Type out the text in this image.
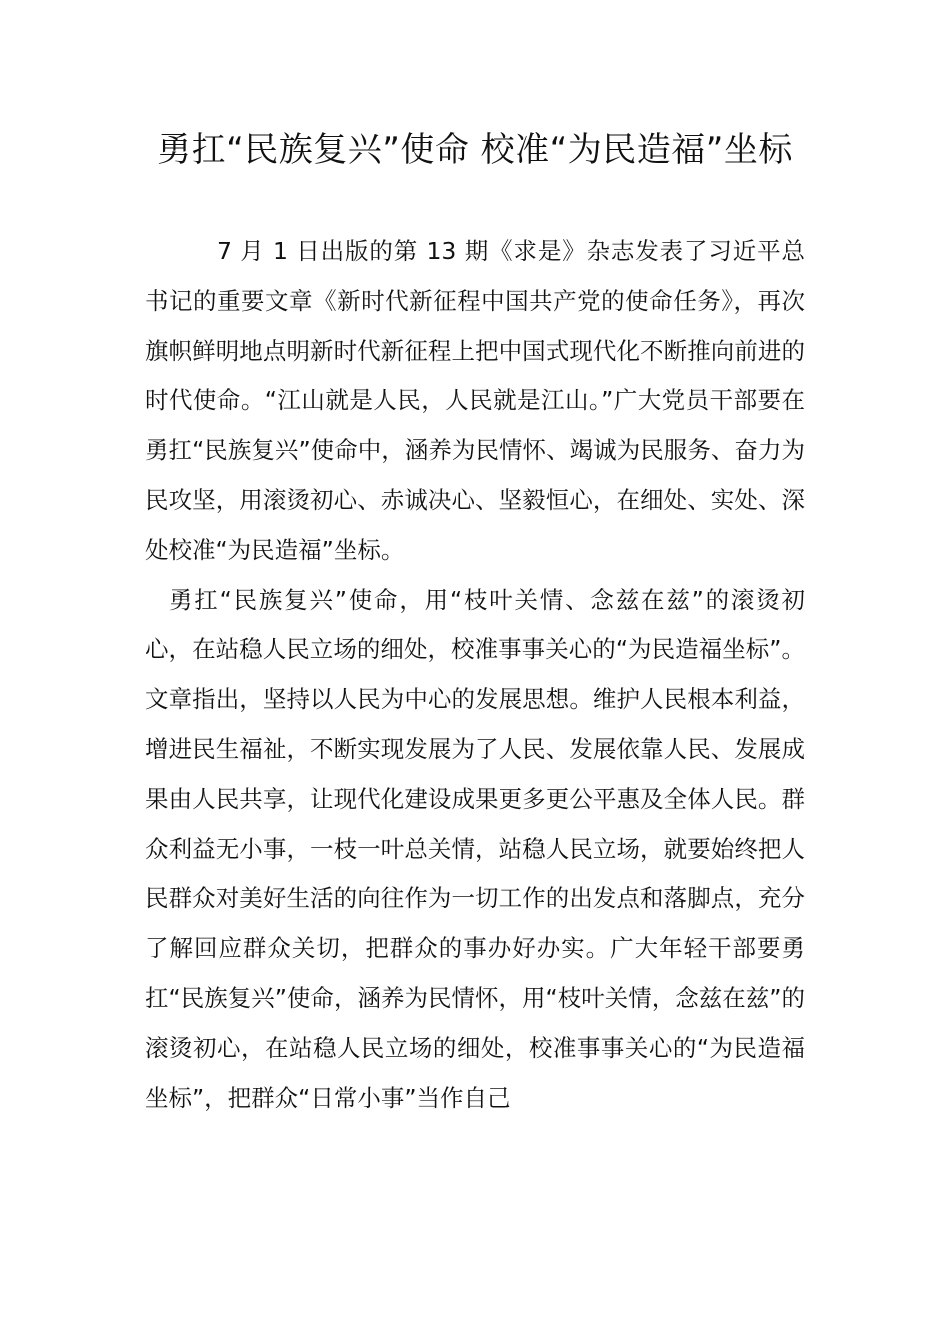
勇扛“民族复兴”使命 校准“为民造福”坐标

7 月 1 日出版的第 13 期《求是》杂志发表了习近平总书记的重要文章《新时代新征程中国共产党的使命任务》，再次旗帜鲜明地点明新时代新征程上把中国式现代化不断推向前进的时代使命。“江山就是人民，人民就是江山。”广大党员干部要在勇扛“民族复兴”使命中，涵养为民情怀、竭诚为民服务、奋力为民攻坚，用滚烫初心、赤诚决心、坚毅恒心，在细处、实处、深处校准“为民造福”坐标。

勇扛“民族复兴”使命，用“枝叶关情、念兹在兹”的滚烫初心，在站稳人民立场的细处，校准事事关心的“为民造福坐标”。文章指出，坚持以人民为中心的发展思想。维护人民根本利益，增进民生福祉，不断实现发展为了人民、发展依靠人民、发展成果由人民共享，让现代化建设成果更多更公平惠及全体人民。群众利益无小事，一枝一叶总关情，站稳人民立场，就要始终把人民群众对美好生活的向往作为一切工作的出发点和落脚点，充分了解回应群众关切，把群众的事办好办实。广大年轻干部要勇扛“民族复兴”使命，涵养为民情怀，用“枝叶关情，念兹在兹”的滚烫初心，在站稳人民立场的细处，校准事事关心的“为民造福坐标”，把群众“日常小事”当作自己
